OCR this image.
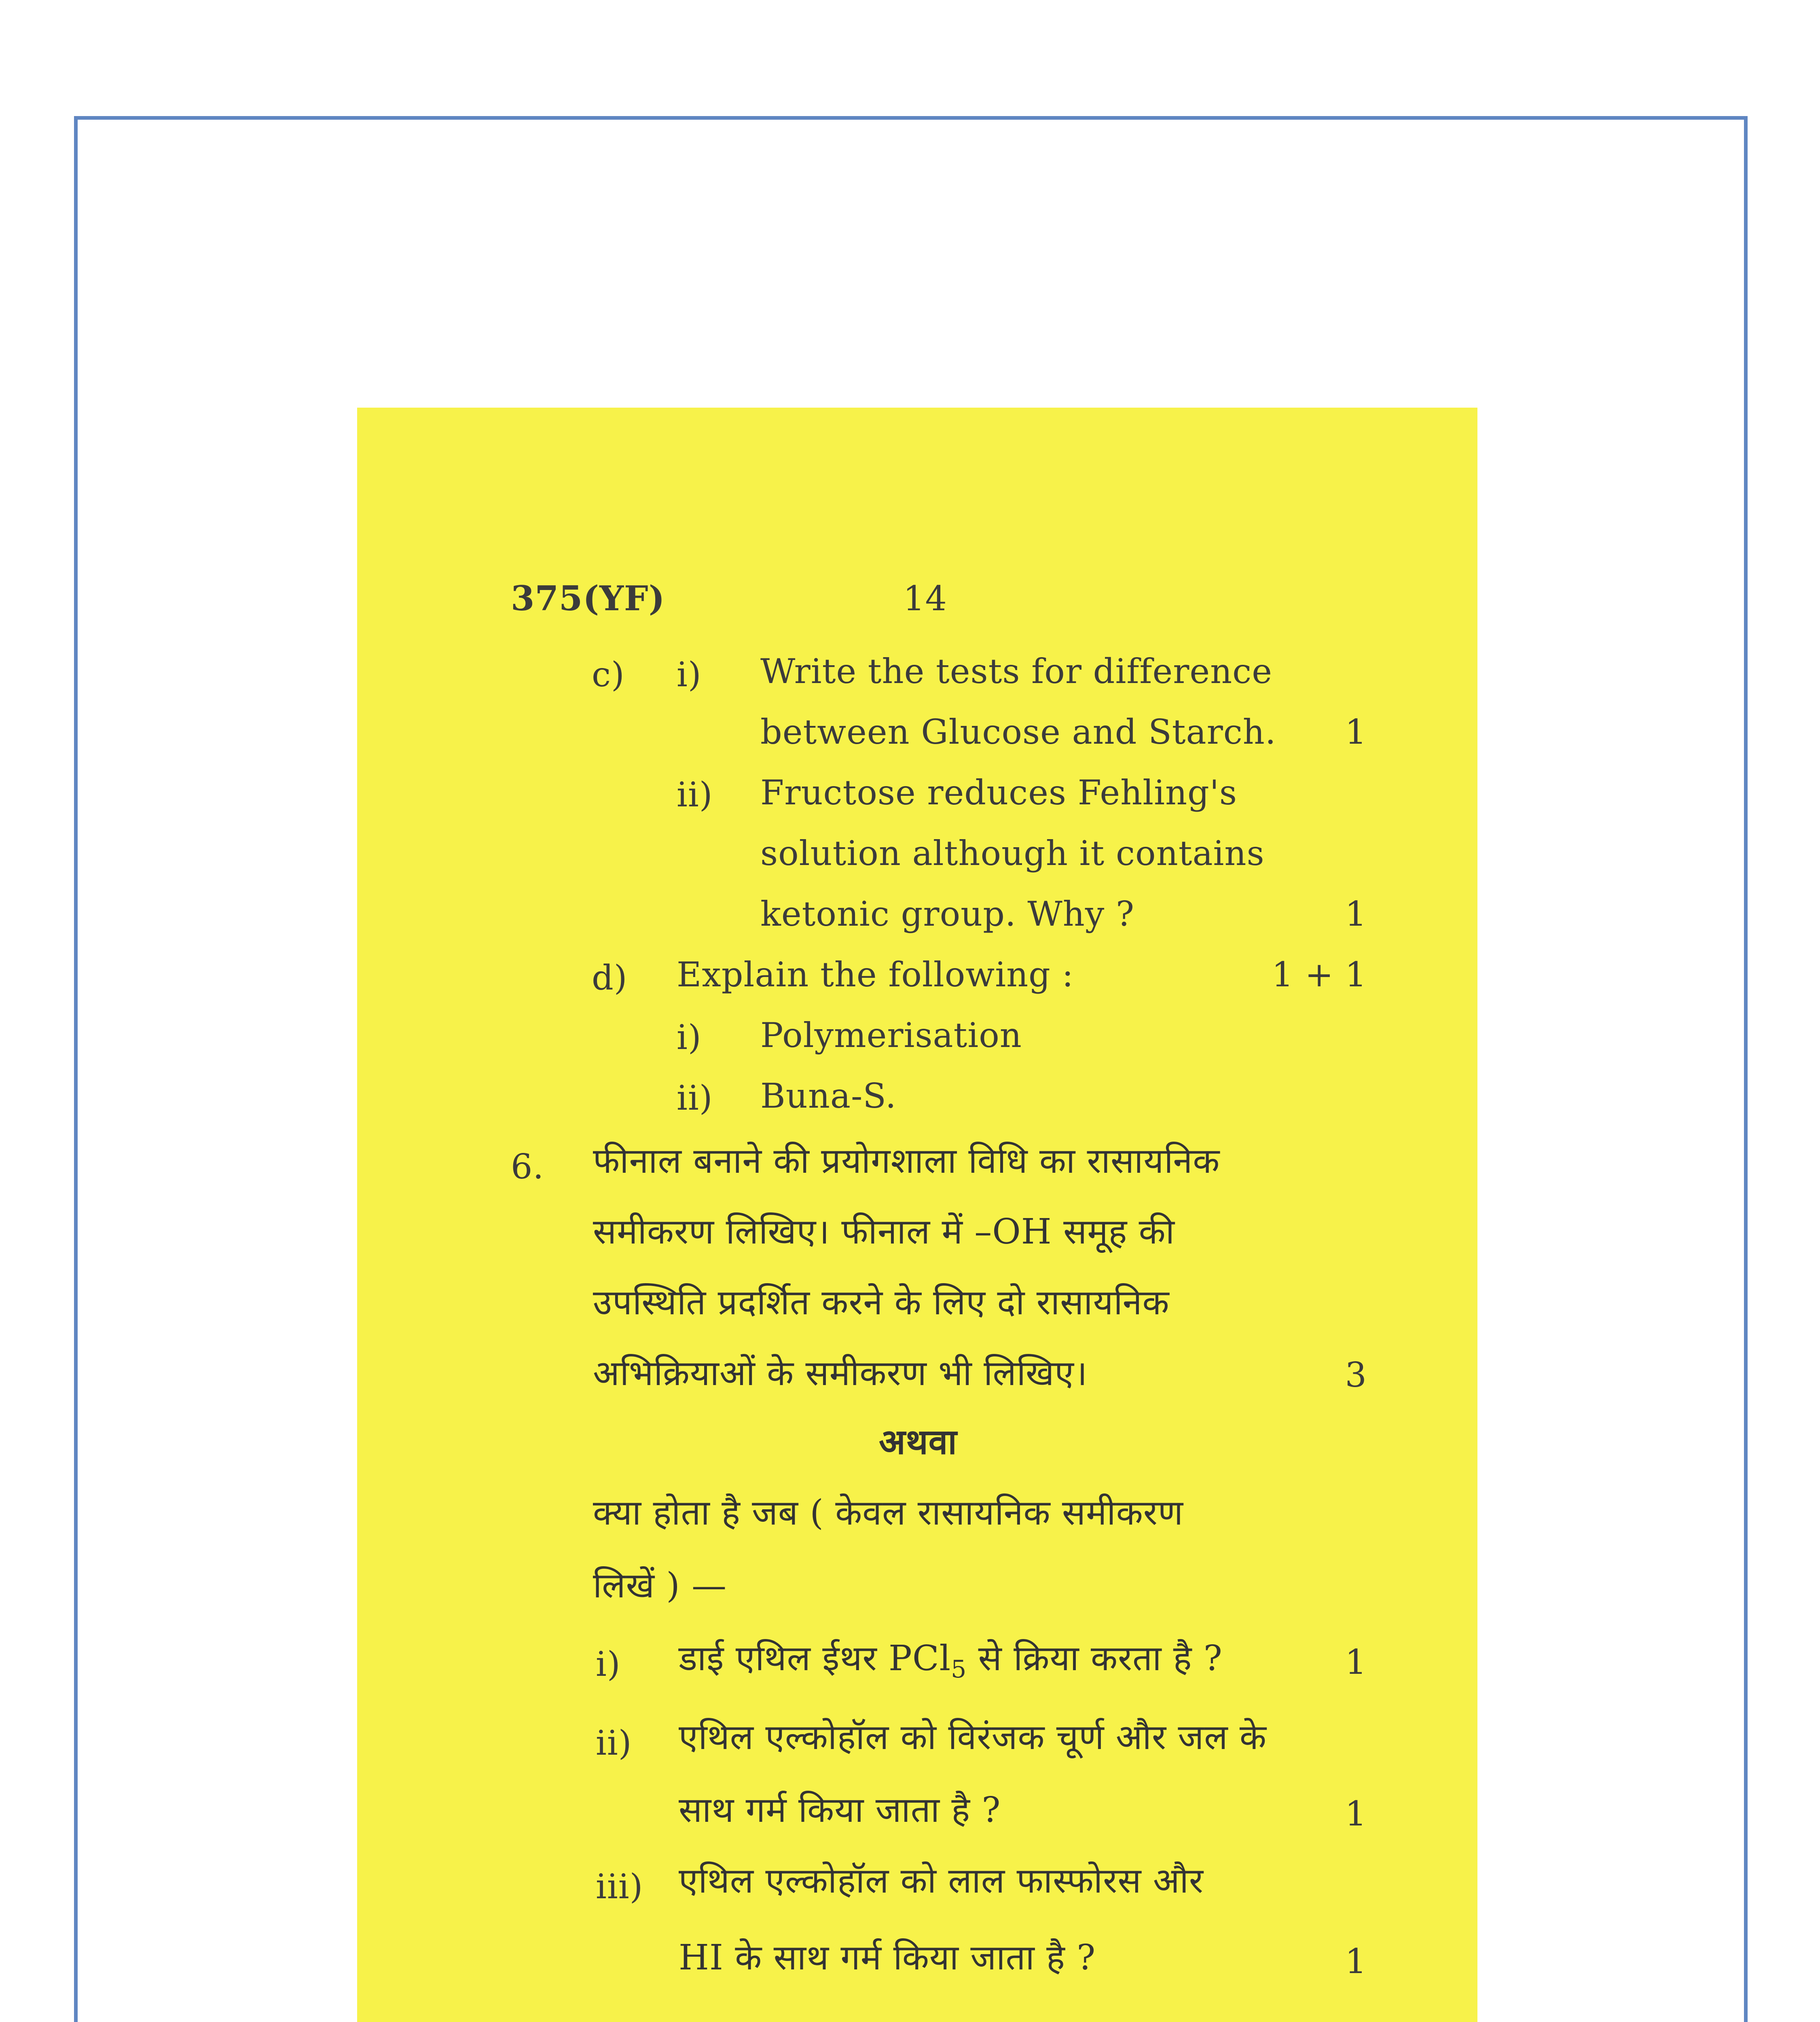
375(YF)	14
c) i) Write the tests for difference
between Glucose and Starch.	1
ii) Fructose reduces Fehling's
solution although it contains
ketonic group. Why ?	1
d) Explain the following :	1 + 1
i) Polymerisation
ii) Buna-S.
6. फीनाल बनाने की प्रयोगशाला विधि का रासायनिक
समीकरण लिखिए। फीनाल में –OH समूह की
उपस्थिति प्रदर्शित करने के लिए दो रासायनिक
अभिक्रियाओं के समीकरण भी लिखिए।	3
अथवा
क्या होता है जब ( केवल रासायनिक समीकरण
लिखें ) —
i) डाई एथिल ईथर PCl$_5$ से क्रिया करता है ?	1
ii) एथिल एल्कोहॉल को विरंजक चूर्ण और जल के
साथ गर्म किया जाता है ?	1
iii) एथिल एल्कोहॉल को लाल फास्फोरस और
HI के साथ गर्म किया जाता है ?	1
